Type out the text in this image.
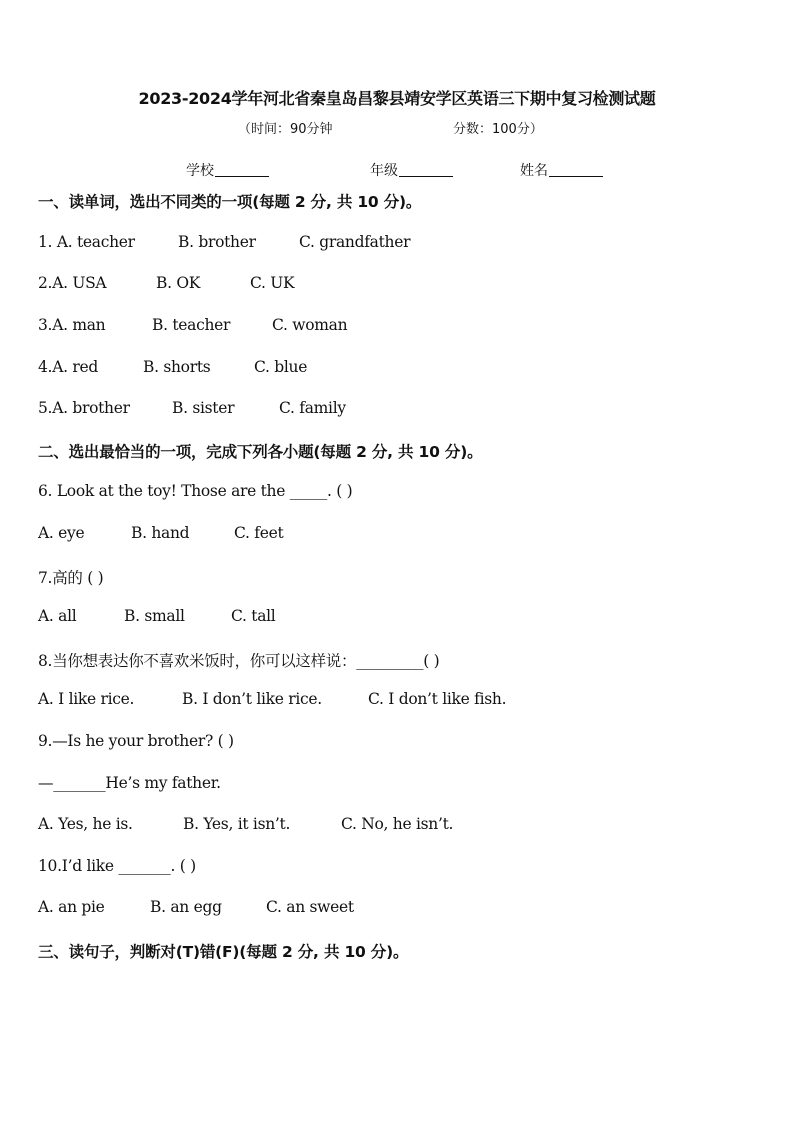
2023-2024学年河北省秦皇岛昌黎县靖安学区英语三下期中复习检测试题
（时间：90分钟	分数：100分）
学校	年级	姓名
一、读单词，选出不同类的一项(每题 2 分, 共 10 分)。
1. A. teacher	B. brother	C. grandfather
2.A. USA	B. OK	C. UK
3.A. man	B. teacher	C. woman
4.A. red	B. shorts	C. blue
5.A. brother	B. sister	C. family
二、选出最恰当的一项，完成下列各小题(每题 2 分, 共 10 分)。
6. Look at the toy! Those are the _____. ( )
A. eye	B. hand	C. feet
7.高的 ( )
A. all	B. small	C. tall
8.当你想表达你不喜欢米饭时，你可以这样说：_________( )
A. I like rice.	B. I don’t like rice.	C. I don’t like fish.
9.—Is he your brother? ( )
—_______He’s my father.
A. Yes, he is.	B. Yes, it isn’t.	C. No, he isn’t.
10.I’d like _______. ( )
A. an pie	B. an egg	C. an sweet
三、读句子，判断对(T)错(F)(每题 2 分, 共 10 分)。
